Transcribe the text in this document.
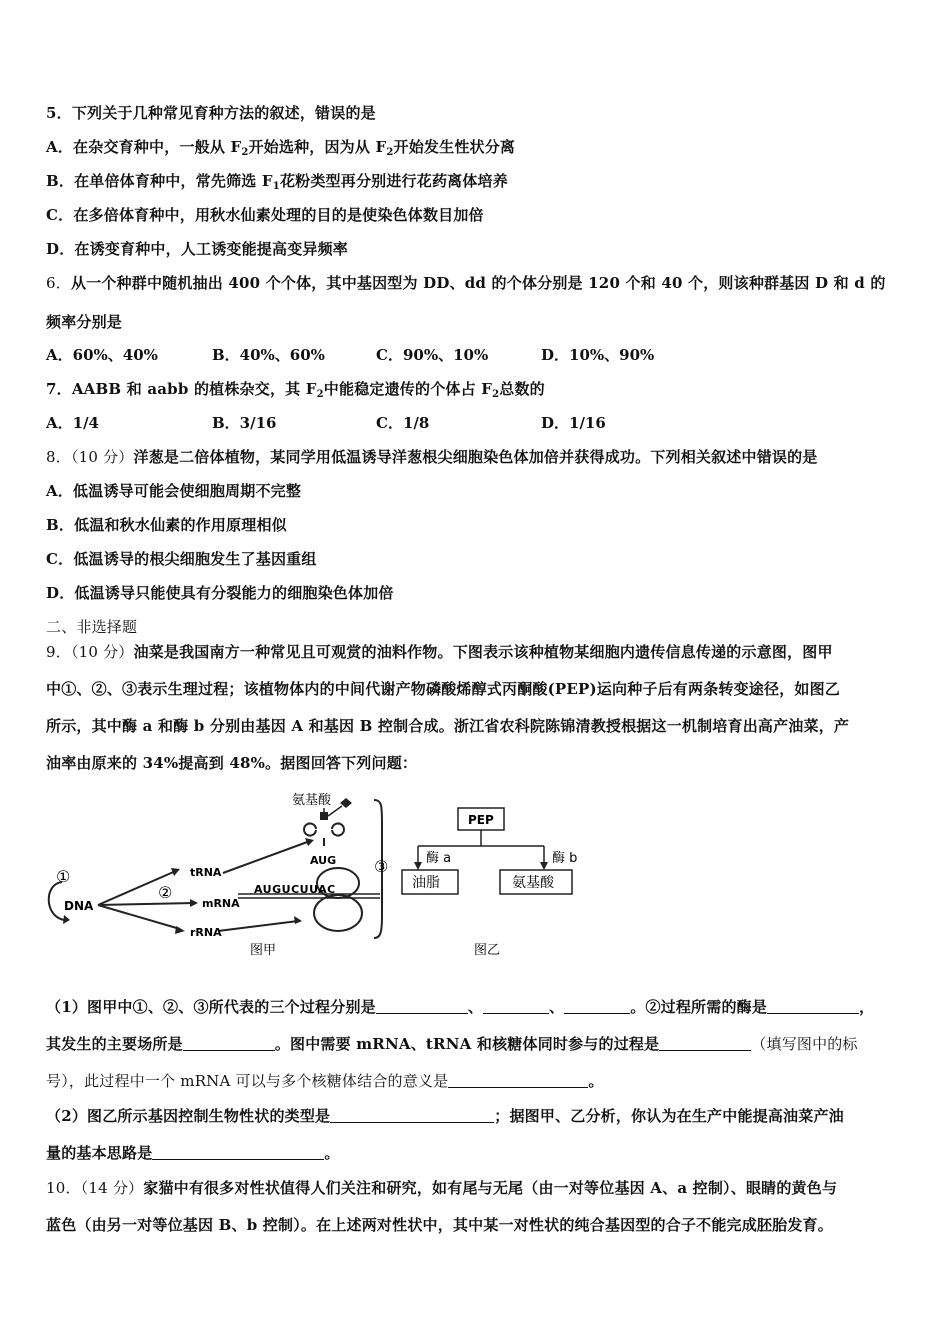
5．下列关于几种常见育种方法的叙述，错误的是
A．在杂交育种中，一般从 $F_2$开始选种，因为从 $F_2$开始发生性状分离
B．在单倍体育种中，常先筛选 $F_1$花粉类型再分别进行花药离体培养
C．在多倍体育种中，用秋水仙素处理的目的是使染色体数目加倍
D．在诱变育种中，人工诱变能提高变异频率
6．从一个种群中随机抽出 400 个个体，其中基因型为 DD、dd 的个体分别是 120 个和 40 个，则该种群基因 D 和 d 的
频率分别是
A．60%、40%	B．40%、60%	C．90%、10%	D．10%、90%
7．AABB 和 aabb 的植株杂交，其 $F_2$中能稳定遗传的个体占 $F_2$总数的
A．1/4	B．3/16	C．1/8	D．1/16
8．（10 分）洋葱是二倍体植物，某同学用低温诱导洋葱根尖细胞染色体加倍并获得成功。下列相关叙述中错误的是
A．低温诱导可能会使细胞周期不完整
B．低温和秋水仙素的作用原理相似
C．低温诱导的根尖细胞发生了基因重组
D．低温诱导只能使具有分裂能力的细胞染色体加倍
二、非选择题
9．（10 分）油菜是我国南方一种常见且可观赏的油料作物。下图表示该种植物某细胞内遗传信息传递的示意图，图甲
中①、②、③表示生理过程；该植物体内的中间代谢产物磷酸烯醇式丙酮酸(PEP)运向种子后有两条转变途径，如图乙
所示，其中酶 a 和酶 b 分别由基因 A 和基因 B 控制合成。浙江省农科院陈锦清教授根据这一机制培育出高产油菜，产
油率由原来的 34%提高到 48%。据图回答下列问题：
氨基酸
AUG
tRNA
mRNA
rRNA
DNA
AUGUCUUAC
①
②
③
图甲
PEP
酶 a	酶 b
油脂	氨基酸
图乙
（1）图甲中①、②、③所代表的三个过程分别是	、	、	。②过程所需的酶是	，
其发生的主要场所是	。图中需要 mRNA、tRNA 和核糖体同时参与的过程是	（填写图中的标
号），此过程中一个 mRNA 可以与多个核糖体结合的意义是	。
（2）图乙所示基因控制生物性状的类型是	；据图甲、乙分析，你认为在生产中能提高油菜产油
量的基本思路是	。
10．（14 分）家猫中有很多对性状值得人们关注和研究，如有尾与无尾（由一对等位基因 A、a 控制）、眼睛的黄色与
蓝色（由另一对等位基因 B、b 控制）。在上述两对性状中，其中某一对性状的纯合基因型的合子不能完成胚胎发育。
